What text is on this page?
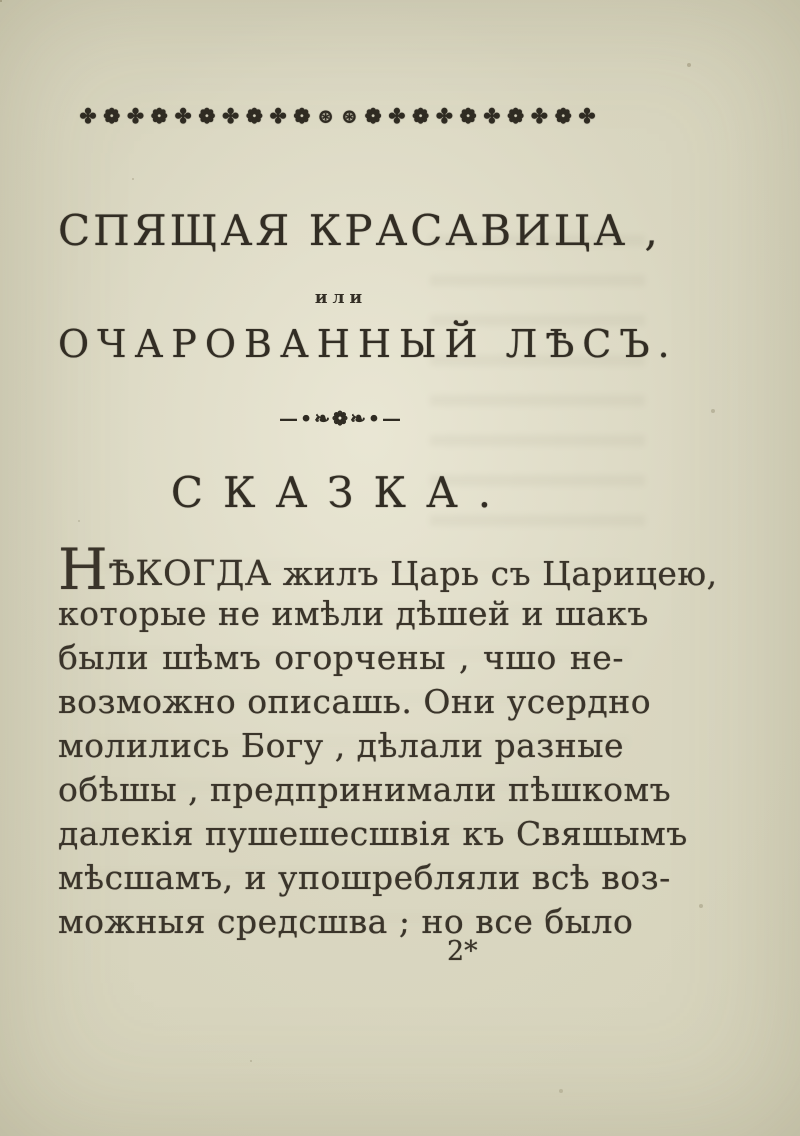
✤❁✤❁✤❁✤❁✤❁⊛⊛❁✤❁✤❁✤❁✤❁✤
СПЯЩАЯ КРАСАВИЦА ,
или
ОЧАРОВАННЫЙ ЛѢСЪ.
—•❧❁❧•—
СКАЗКА.
НѢКОГДА жилъ Царь съ Царицею,
которые не имѣли дѣшей и шакъ
были шѣмъ огорчены , чшо не-
возможно описашь. Они усердно
молились Богу , дѣлали разные
обѣшы , предпринимали пѣшкомъ
далекія пушешесшвія къ Свяшымъ
мѣсшамъ, и упошребляли всѣ воз-
можныя средсшва ; но все было
2*
